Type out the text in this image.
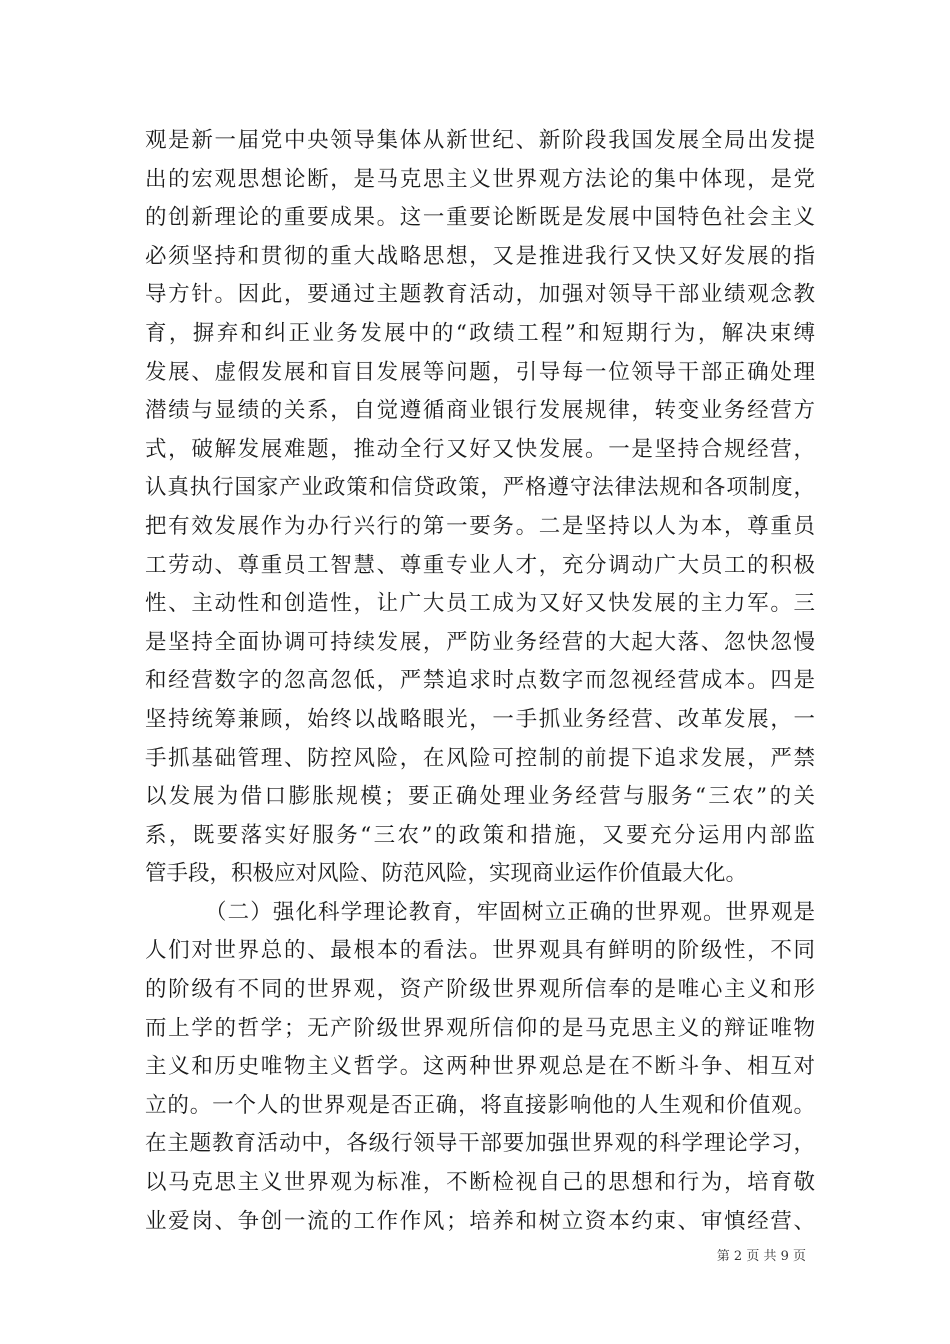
观是新一届党中央领导集体从新世纪、新阶段我国发展全局出发提
出的宏观思想论断，是马克思主义世界观方法论的集中体现，是党
的创新理论的重要成果。这一重要论断既是发展中国特色社会主义
必须坚持和贯彻的重大战略思想，又是推进我行又快又好发展的指
导方针。因此，要通过主题教育活动，加强对领导干部业绩观念教
育，摒弃和纠正业务发展中的“政绩工程”和短期行为，解决束缚
发展、虚假发展和盲目发展等问题，引导每一位领导干部正确处理
潜绩与显绩的关系，自觉遵循商业银行发展规律，转变业务经营方
式，破解发展难题，推动全行又好又快发展。一是坚持合规经营，
认真执行国家产业政策和信贷政策，严格遵守法律法规和各项制度，
把有效发展作为办行兴行的第一要务。二是坚持以人为本，尊重员
工劳动、尊重员工智慧、尊重专业人才，充分调动广大员工的积极
性、主动性和创造性，让广大员工成为又好又快发展的主力军。三
是坚持全面协调可持续发展，严防业务经营的大起大落、忽快忽慢
和经营数字的忽高忽低，严禁追求时点数字而忽视经营成本。四是
坚持统筹兼顾，始终以战略眼光，一手抓业务经营、改革发展，一
手抓基础管理、防控风险，在风险可控制的前提下追求发展，严禁
以发展为借口膨胀规模；要正确处理业务经营与服务“三农”的关
系，既要落实好服务“三农”的政策和措施，又要充分运用内部监
管手段，积极应对风险、防范风险，实现商业运作价值最大化。
（二）强化科学理论教育，牢固树立正确的世界观。世界观是
人们对世界总的、最根本的看法。世界观具有鲜明的阶级性，不同
的阶级有不同的世界观，资产阶级世界观所信奉的是唯心主义和形
而上学的哲学；无产阶级世界观所信仰的是马克思主义的辩证唯物
主义和历史唯物主义哲学。这两种世界观总是在不断斗争、相互对
立的。一个人的世界观是否正确，将直接影响他的人生观和价值观。
在主题教育活动中，各级行领导干部要加强世界观的科学理论学习，
以马克思主义世界观为标准，不断检视自己的思想和行为，培育敬
业爱岗、争创一流的工作作风；培养和树立资本约束、审慎经营、
第 2 页 共 9 页
